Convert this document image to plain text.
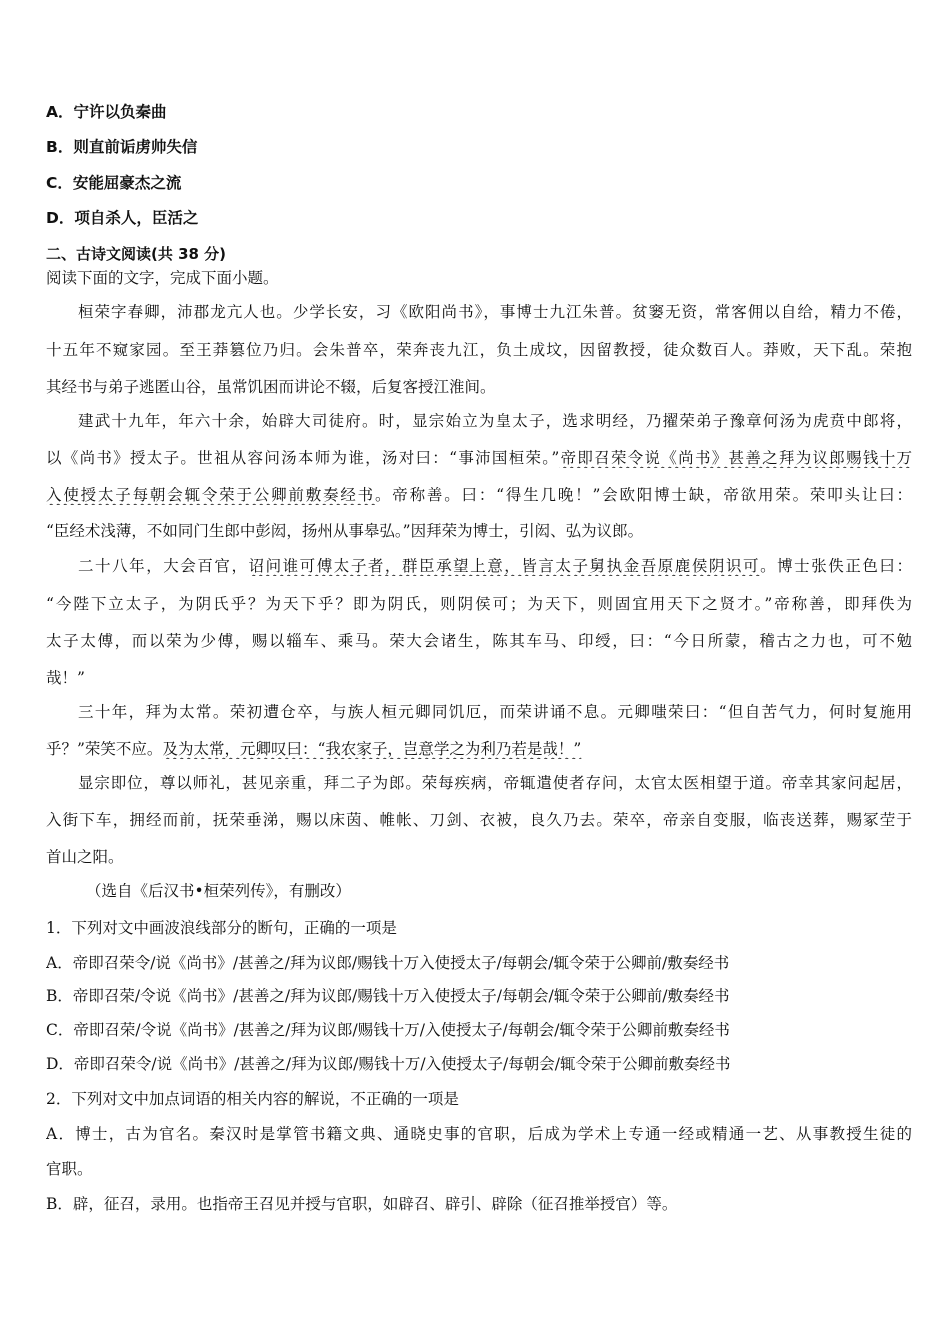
A．宁许以负秦曲
B．则直前诟虏帅失信
C．安能屈豪杰之流
D．项自杀人，臣活之
二、古诗文阅读(共 38 分)
阅读下面的文字，完成下面小题。
桓荣字春卿，沛郡龙亢人也。少学长安，习《欧阳尚书》，事博士九江朱普。贫窭无资，常客佣以自给，精力不倦，
十五年不窥家园。至王莽篡位乃归。会朱普卒，荣奔丧九江，负土成坟，因留教授，徒众数百人。莽败，天下乱。荣抱
其经书与弟子逃匿山谷，虽常饥困而讲论不辍，后复客授江淮间。
建武十九年，年六十余，始辟大司徒府。时，显宗始立为皇太子，选求明经，乃擢荣弟子豫章何汤为虎贲中郎将，
以《尚书》授太子。世祖从容问汤本师为谁，汤对曰：“事沛国桓荣。”帝即召荣令说《尚书》甚善之拜为议郎赐钱十万
入使授太子每朝会辄令荣于公卿前敷奏经书。帝称善。曰：“得生几晚！”会欧阳博士缺，帝欲用荣。荣叩头让曰：
“臣经术浅薄，不如同门生郎中彭闳，扬州从事皋弘。”因拜荣为博士，引闳、弘为议郎。
二十八年，大会百官，诏问谁可傅太子者，群臣承望上意，皆言太子舅执金吾原鹿侯阴识可。博士张佚正色曰：
“今陛下立太子，为阴氏乎？为天下乎？即为阴氏，则阴侯可；为天下，则固宜用天下之贤才。”帝称善，即拜佚为
太子太傅，而以荣为少傅，赐以辎车、乘马。荣大会诸生，陈其车马、印绶，曰：“今日所蒙，稽古之力也，可不勉
哉！”
三十年，拜为太常。荣初遭仓卒，与族人桓元卿同饥厄，而荣讲诵不息。元卿嗤荣曰：“但自苦气力，何时复施用
乎？”荣笑不应。及为太常，元卿叹曰：“我农家子，岂意学之为利乃若是哉！”
显宗即位，尊以师礼，甚见亲重，拜二子为郎。荣每疾病，帝辄遣使者存问，太官太医相望于道。帝幸其家问起居，
入街下车，拥经而前，抚荣垂涕，赐以床茵、帷帐、刀剑、衣被，良久乃去。荣卒，帝亲自变服，临丧送葬，赐冢茔于
首山之阳。
（选自《后汉书•桓荣列传》，有删改）
1．下列对文中画波浪线部分的断句，正确的一项是
A．帝即召荣令/说《尚书》/甚善之/拜为议郎/赐钱十万入使授太子/每朝会/辄令荣于公卿前/敷奏经书
B．帝即召荣/令说《尚书》/甚善之/拜为议郎/赐钱十万入使授太子/每朝会/辄令荣于公卿前/敷奏经书
C．帝即召荣/令说《尚书》/甚善之/拜为议郎/赐钱十万/入使授太子/每朝会/辄令荣于公卿前敷奏经书
D．帝即召荣令/说《尚书》/甚善之/拜为议郎/赐钱十万/入使授太子/每朝会/辄令荣于公卿前敷奏经书
2．下列对文中加点词语的相关内容的解说，不正确的一项是
A．博士，古为官名。秦汉时是掌管书籍文典、通晓史事的官职，后成为学术上专通一经或精通一艺、从事教授生徒的
官职。
B．辟，征召，录用。也指帝王召见并授与官职，如辟召、辟引、辟除（征召推举授官）等。
